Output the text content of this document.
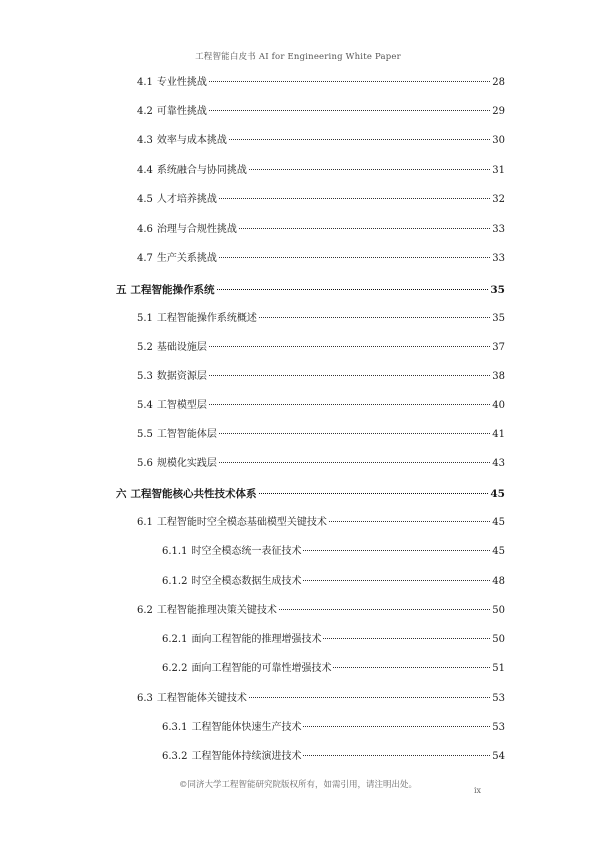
工程智能白皮书 AI for Engineering White Paper
4.1 专业性挑战	28
4.2 可靠性挑战	29
4.3 效率与成本挑战	30
4.4 系统融合与协同挑战	31
4.5 人才培养挑战	32
4.6 治理与合规性挑战	33
4.7 生产关系挑战	33
五 工程智能操作系统	35
5.1 工程智能操作系统概述	35
5.2 基础设施层	37
5.3 数据资源层	38
5.4 工智模型层	40
5.5 工智智能体层	41
5.6 规模化实践层	43
六 工程智能核心共性技术体系	45
6.1 工程智能时空全模态基础模型关键技术	45
6.1.1 时空全模态统一表征技术	45
6.1.2 时空全模态数据生成技术	48
6.2 工程智能推理决策关键技术	50
6.2.1 面向工程智能的推理增强技术	50
6.2.2 面向工程智能的可靠性增强技术	51
6.3 工程智能体关键技术	53
6.3.1 工程智能体快速生产技术	53
6.3.2 工程智能体持续演进技术	54
©同济大学工程智能研究院版权所有，如需引用，请注明出处。
ix
